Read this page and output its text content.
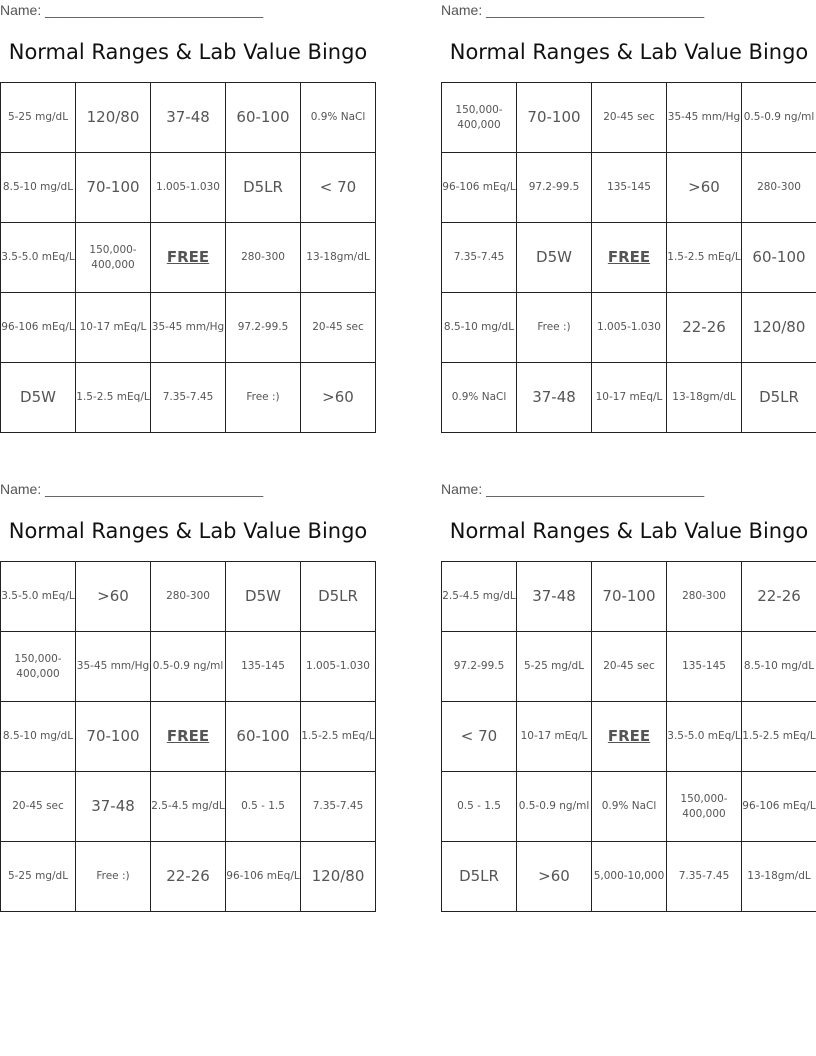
Name: ____________________________
Normal Ranges & Lab Value Bingo
5-25 mg/dL	120/80	37-48	60-100	0.9% NaCl
8.5-10 mg/dL	70-100	1.005-1.030	D5LR	< 70
3.5-5.0 mEq/L	150,000-400,000	FREE	280-300	13-18gm/dL
96-106 mEq/L	10-17 mEq/L	35-45 mm/Hg	97.2-99.5	20-45 sec
D5W	1.5-2.5 mEq/L	7.35-7.45	Free :)	>60
Name: ____________________________
Normal Ranges & Lab Value Bingo
150,000-400,000	70-100	20-45 sec	35-45 mm/Hg	0.5-0.9 ng/ml
96-106 mEq/L	97.2-99.5	135-145	>60	280-300
7.35-7.45	D5W	FREE	1.5-2.5 mEq/L	60-100
8.5-10 mg/dL	Free :)	1.005-1.030	22-26	120/80
0.9% NaCl	37-48	10-17 mEq/L	13-18gm/dL	D5LR
Name: ____________________________
Normal Ranges & Lab Value Bingo
3.5-5.0 mEq/L	>60	280-300	D5W	D5LR
150,000-400,000	35-45 mm/Hg	0.5-0.9 ng/ml	135-145	1.005-1.030
8.5-10 mg/dL	70-100	FREE	60-100	1.5-2.5 mEq/L
20-45 sec	37-48	2.5-4.5 mg/dL	0.5 - 1.5	7.35-7.45
5-25 mg/dL	Free :)	22-26	96-106 mEq/L	120/80
Name: ____________________________
Normal Ranges & Lab Value Bingo
2.5-4.5 mg/dL	37-48	70-100	280-300	22-26
97.2-99.5	5-25 mg/dL	20-45 sec	135-145	8.5-10 mg/dL
< 70	10-17 mEq/L	FREE	3.5-5.0 mEq/L	1.5-2.5 mEq/L
0.5 - 1.5	0.5-0.9 ng/ml	0.9% NaCl	150,000-400,000	96-106 mEq/L
D5LR	>60	5,000-10,000	7.35-7.45	13-18gm/dL
